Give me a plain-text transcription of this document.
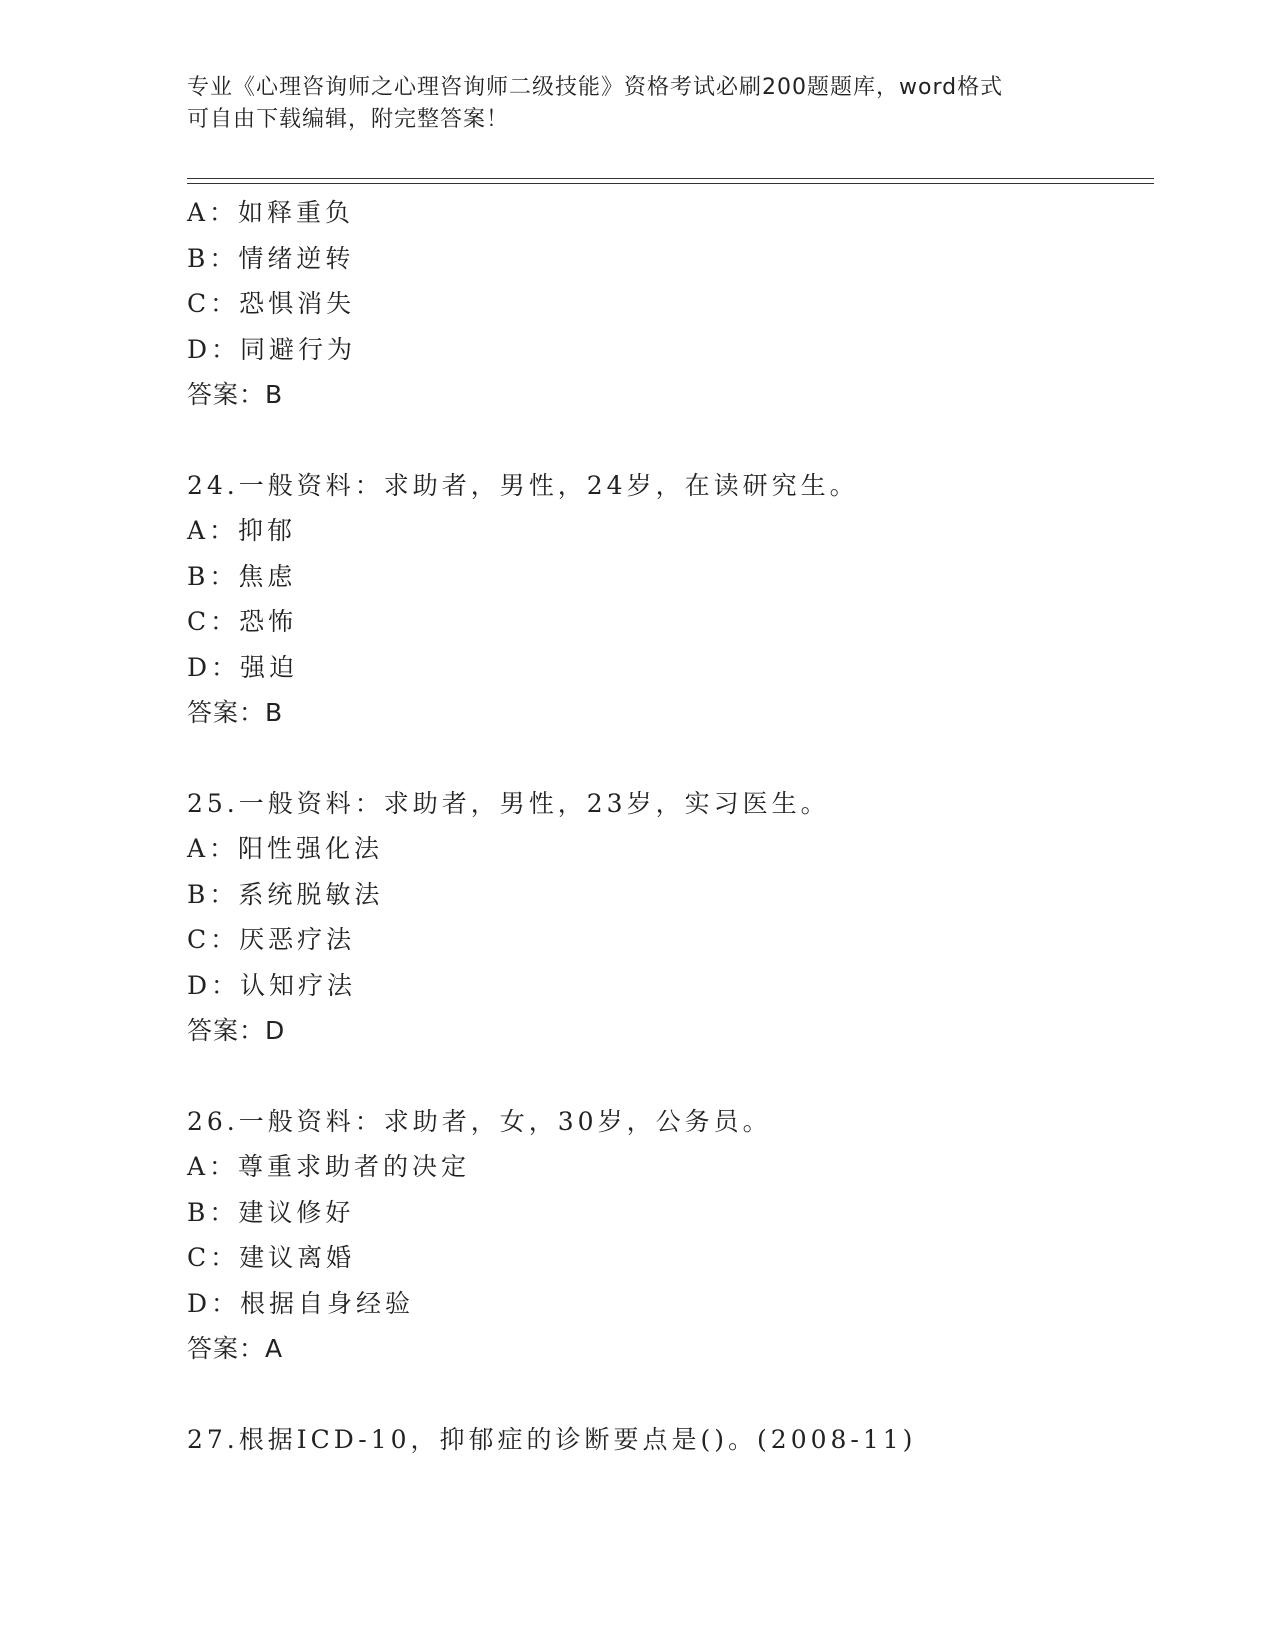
专业《心理咨询师之心理咨询师二级技能》资格考试必刷200题题库，word格式
可自由下载编辑，附完整答案！
A：如释重负
B：情绪逆转
C：恐惧消失
D：同避行为
答案：B
24.一般资料：求助者，男性，24岁，在读研究生。
A：抑郁
B：焦虑
C：恐怖
D：强迫
答案：B
25.一般资料：求助者，男性，23岁，实习医生。
A：阳性强化法
B：系统脱敏法
C：厌恶疗法
D：认知疗法
答案：D
26.一般资料：求助者，女，30岁，公务员。
A：尊重求助者的决定
B：建议修好
C：建议离婚
D：根据自身经验
答案：A
27.根据ICD-10，抑郁症的诊断要点是()。(2008-11)
